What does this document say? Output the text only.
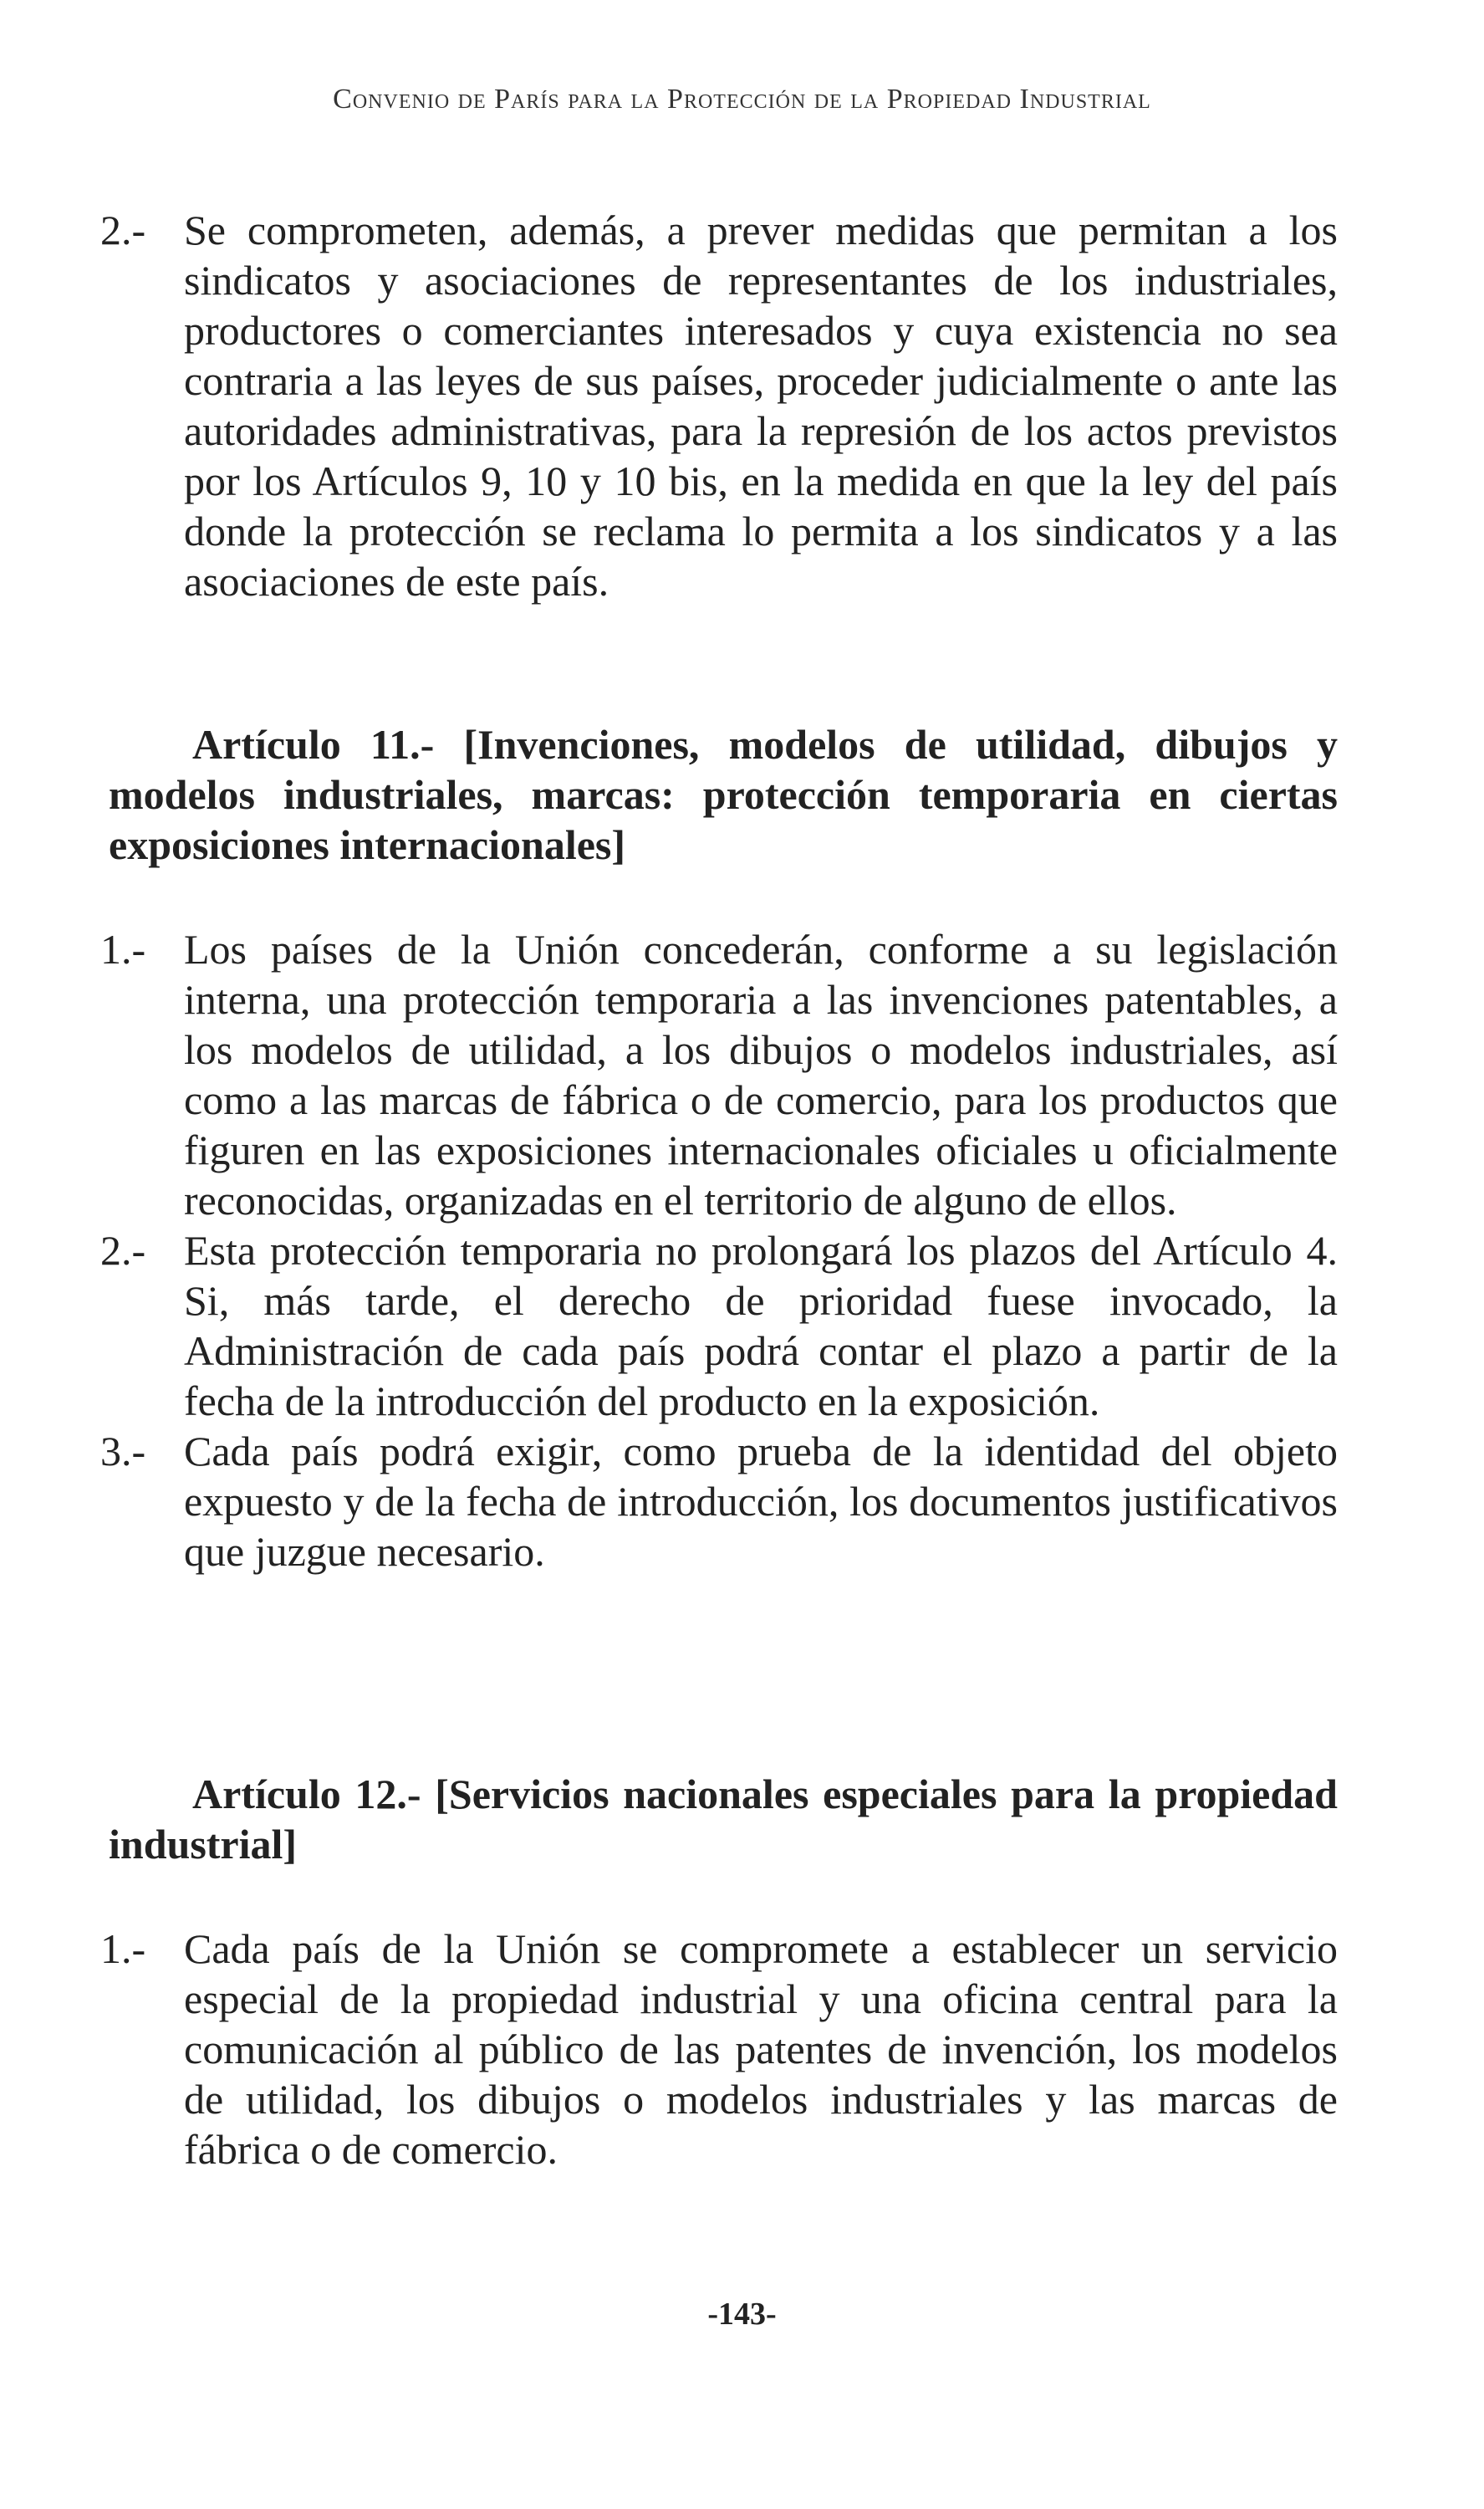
Convenio de París para la Protección de la Propiedad Industrial
2.- Se comprometen, además, a prever medidas que permitan a los sindicatos y asociaciones de representantes de los industriales, productores o comerciantes interesados y cuya existencia no sea contraria a las leyes de sus países, proceder judicialmente o ante las autoridades administrativas, para la represión de los actos previstos por los Artículos 9, 10 y 10 bis, en la medida en que la ley del país donde la protección se reclama lo permita a los sindicatos y a las asociaciones de este país.
Artículo 11.- [Invenciones, modelos de utilidad, dibujos y modelos industriales, marcas: protección temporaria en ciertas exposiciones internacionales]
1.- Los países de la Unión concederán, conforme a su legislación interna, una protección temporaria a las invenciones patentables, a los modelos de utilidad, a los dibujos o modelos industriales, así como a las marcas de fábrica o de comercio, para los productos que figuren en las exposiciones internacionales oficiales u oficialmente reconocidas, organizadas en el territorio de alguno de ellos.
2.- Esta protección temporaria no prolongará los plazos del Artículo 4. Si, más tarde, el derecho de prioridad fuese invocado, la Administración de cada país podrá contar el plazo a partir de la fecha de la introducción del producto en la exposición.
3.- Cada país podrá exigir, como prueba de la identidad del objeto expuesto y de la fecha de introducción, los documentos justificativos que juzgue necesario.
Artículo 12.- [Servicios nacionales especiales para la propiedad industrial]
1.- Cada país de la Unión se compromete a establecer un servicio especial de la propiedad industrial y una oficina central para la comunicación al público de las patentes de invención, los modelos de utilidad, los dibujos o modelos industriales y las marcas de fábrica o de comercio.
-143-
